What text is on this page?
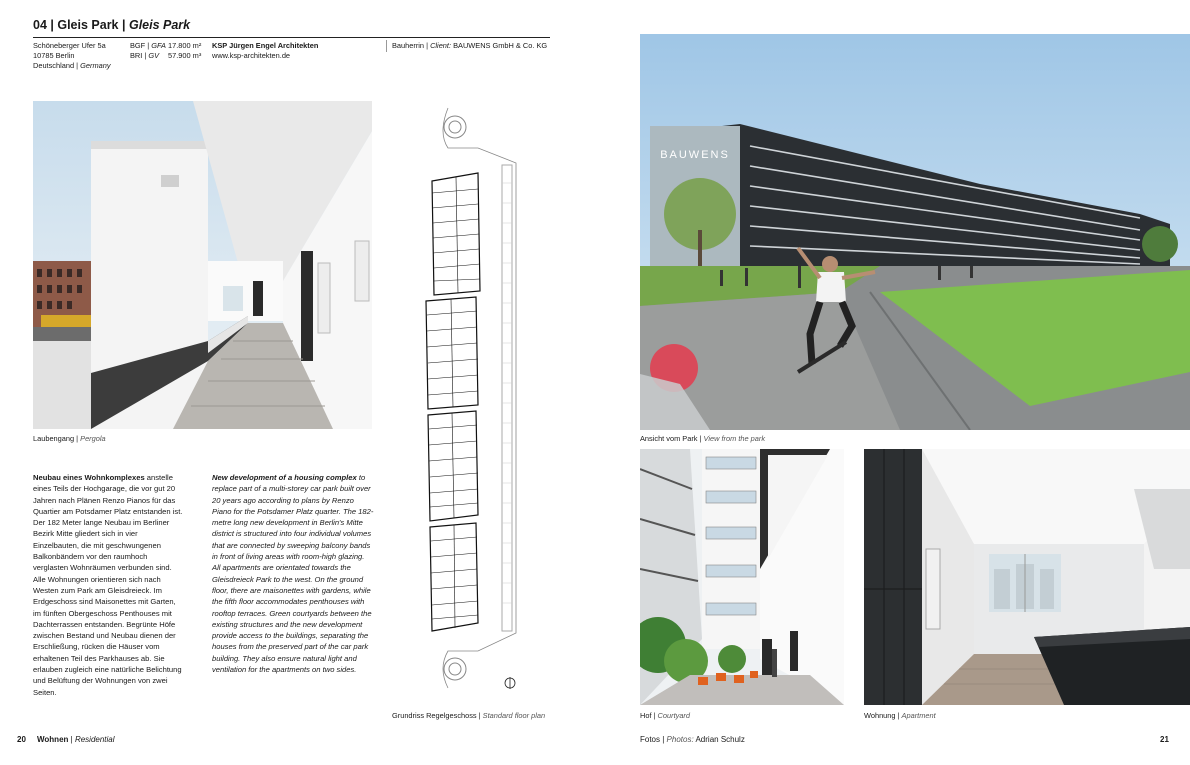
04 | Gleis Park | Gleis Park
Schöneberger Ufer 5a
10785 Berlin
Deutschland | Germany
BGF | GFA 17.800 m²
BRI | GV 57.900 m³
KSP Jürgen Engel Architekten
www.ksp-architekten.de
Bauherrin | Client: BAUWENS GmbH & Co. KG
Laubengang | Pergola
Grundriss Regelgeschoss | Standard floor plan
Neubau eines Wohnkomplexes anstelle eines Teils der Hochgarage, die vor gut 20 Jahren nach Plänen Renzo Pianos für das Quartier am Potsdamer Platz entstanden ist. Der 182 Meter lange Neubau im Berliner Bezirk Mitte gliedert sich in vier Einzelbauten, die mit geschwungenen Balkonbändern vor den raumhoch verglasten Wohnräumen verbunden sind. Alle Wohnungen orientieren sich nach Westen zum Park am Gleisdreieck. Im Erdgeschoss sind Maisonettes mit Garten, im fünften Obergeschoss Penthouses mit Dachterrassen entstanden. Begrünte Höfe zwischen Bestand und Neubau dienen der Erschließung, rücken die Häuser vom erhaltenen Teil des Parkhauses ab. Sie erlauben zugleich eine natürliche Belichtung und Belüftung der Wohnungen von zwei Seiten.
New development of a housing complex to replace part of a multi-storey car park built over 20 years ago according to plans by Renzo Piano for the Potsdamer Platz quarter. The 182-metre long new development in Berlin's Mitte district is structured into four individual volumes that are connected by sweeping balcony bands in front of living areas with room-high glazing. All apartments are orientated towards the Gleisdreieck Park to the west. On the ground floor, there are maisonettes with gardens, while the fifth floor accommodates penthouses with rooftop terraces. Green courtyards between the existing structures and the new development provide access to the buildings, separating the houses from the preserved part of the car park building. They also ensure natural light and ventilation for the apartments on two sides.
BAUWENS
Ansicht vom Park | View from the park
Hof | Courtyard	Wohnung | Apartment
20 Wohnen | Residential	Fotos | Photos: Adrian Schulz	21
